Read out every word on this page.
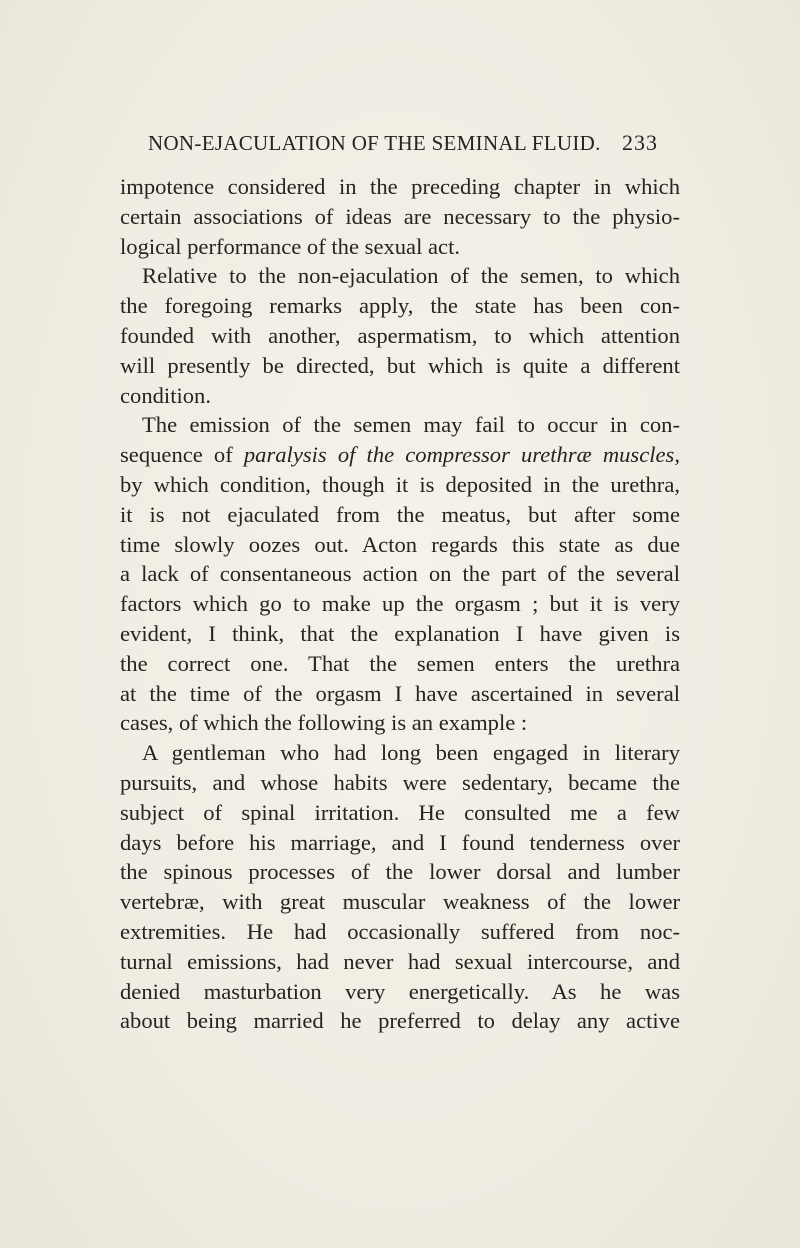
NON-EJACULATION OF THE SEMINAL FLUID. 233
impotence considered in the preceding chapter in which
certain associations of ideas are necessary to the physio-
logical performance of the sexual act.
Relative to the non-ejaculation of the semen, to which
the foregoing remarks apply, the state has been con-
founded with another, aspermatism, to which attention
will presently be directed, but which is quite a different
condition.
The emission of the semen may fail to occur in con-
sequence of paralysis of the compressor urethræ muscles,
by which condition, though it is deposited in the urethra,
it is not ejaculated from the meatus, but after some
time slowly oozes out. Acton regards this state as due
a lack of consentaneous action on the part of the several
factors which go to make up the orgasm ; but it is very
evident, I think, that the explanation I have given is
the correct one. That the semen enters the urethra
at the time of the orgasm I have ascertained in several
cases, of which the following is an example :
A gentleman who had long been engaged in literary
pursuits, and whose habits were sedentary, became the
subject of spinal irritation. He consulted me a few
days before his marriage, and I found tenderness over
the spinous processes of the lower dorsal and lumber
vertebræ, with great muscular weakness of the lower
extremities. He had occasionally suffered from noc-
turnal emissions, had never had sexual intercourse, and
denied masturbation very energetically. As he was
about being married he preferred to delay any active
